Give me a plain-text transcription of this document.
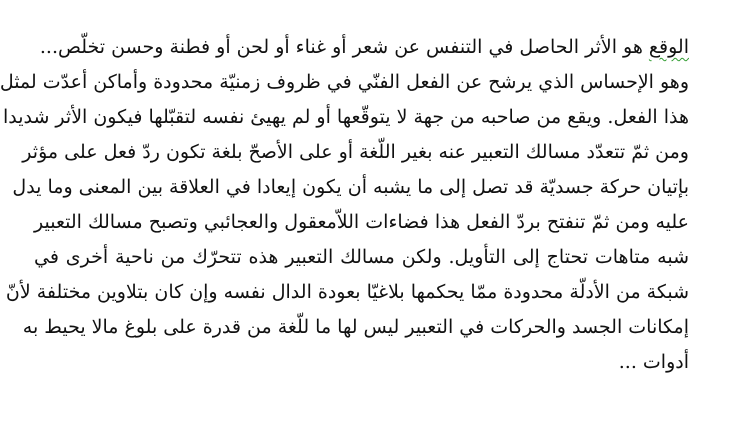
الوقع هو الأثر الحاصل في التنفس عن شعر أو غناء أو لحن أو فطنة وحسن تخلّص...
وهو الإحساس الذي يرشح عن الفعل الفنّي في ظروف زمنيّة محدودة وأماكن أعدّت لمثل
هذا الفعل. ويقع من صاحبه من جهة لا يتوقّعها أو لم يهيئ نفسه لتقبّلها فيكون الأثر شديدا
ومن ثمّ تتعدّد مسالك التعبير عنه بغير اللّغة أو على الأصحّ بلغة تكون ردّ فعل على مؤثر
بإتيان حركة جسديّة قد تصل إلى ما يشبه أن يكون إيعادا في العلاقة بين المعنى وما يدل
عليه ومن ثمّ تنفتح بردّ الفعل هذا فضاءات اللاّمعقول والعجائبي وتصبح مسالك التعبير
شبه متاهات تحتاج إلى التأويل. ولكن مسالك التعبير هذه تتحرّك من ناحية أخرى في
شبكة من الأدلّة محدودة ممّا يحكمها بلاغيّا بعودة الدال نفسه وإن كان بتلاوين مختلفة لأنّ
إمكانات الجسد والحركات في التعبير ليس لها ما للّغة من قدرة على بلوغ مالا يحيط به
أدوات ...
